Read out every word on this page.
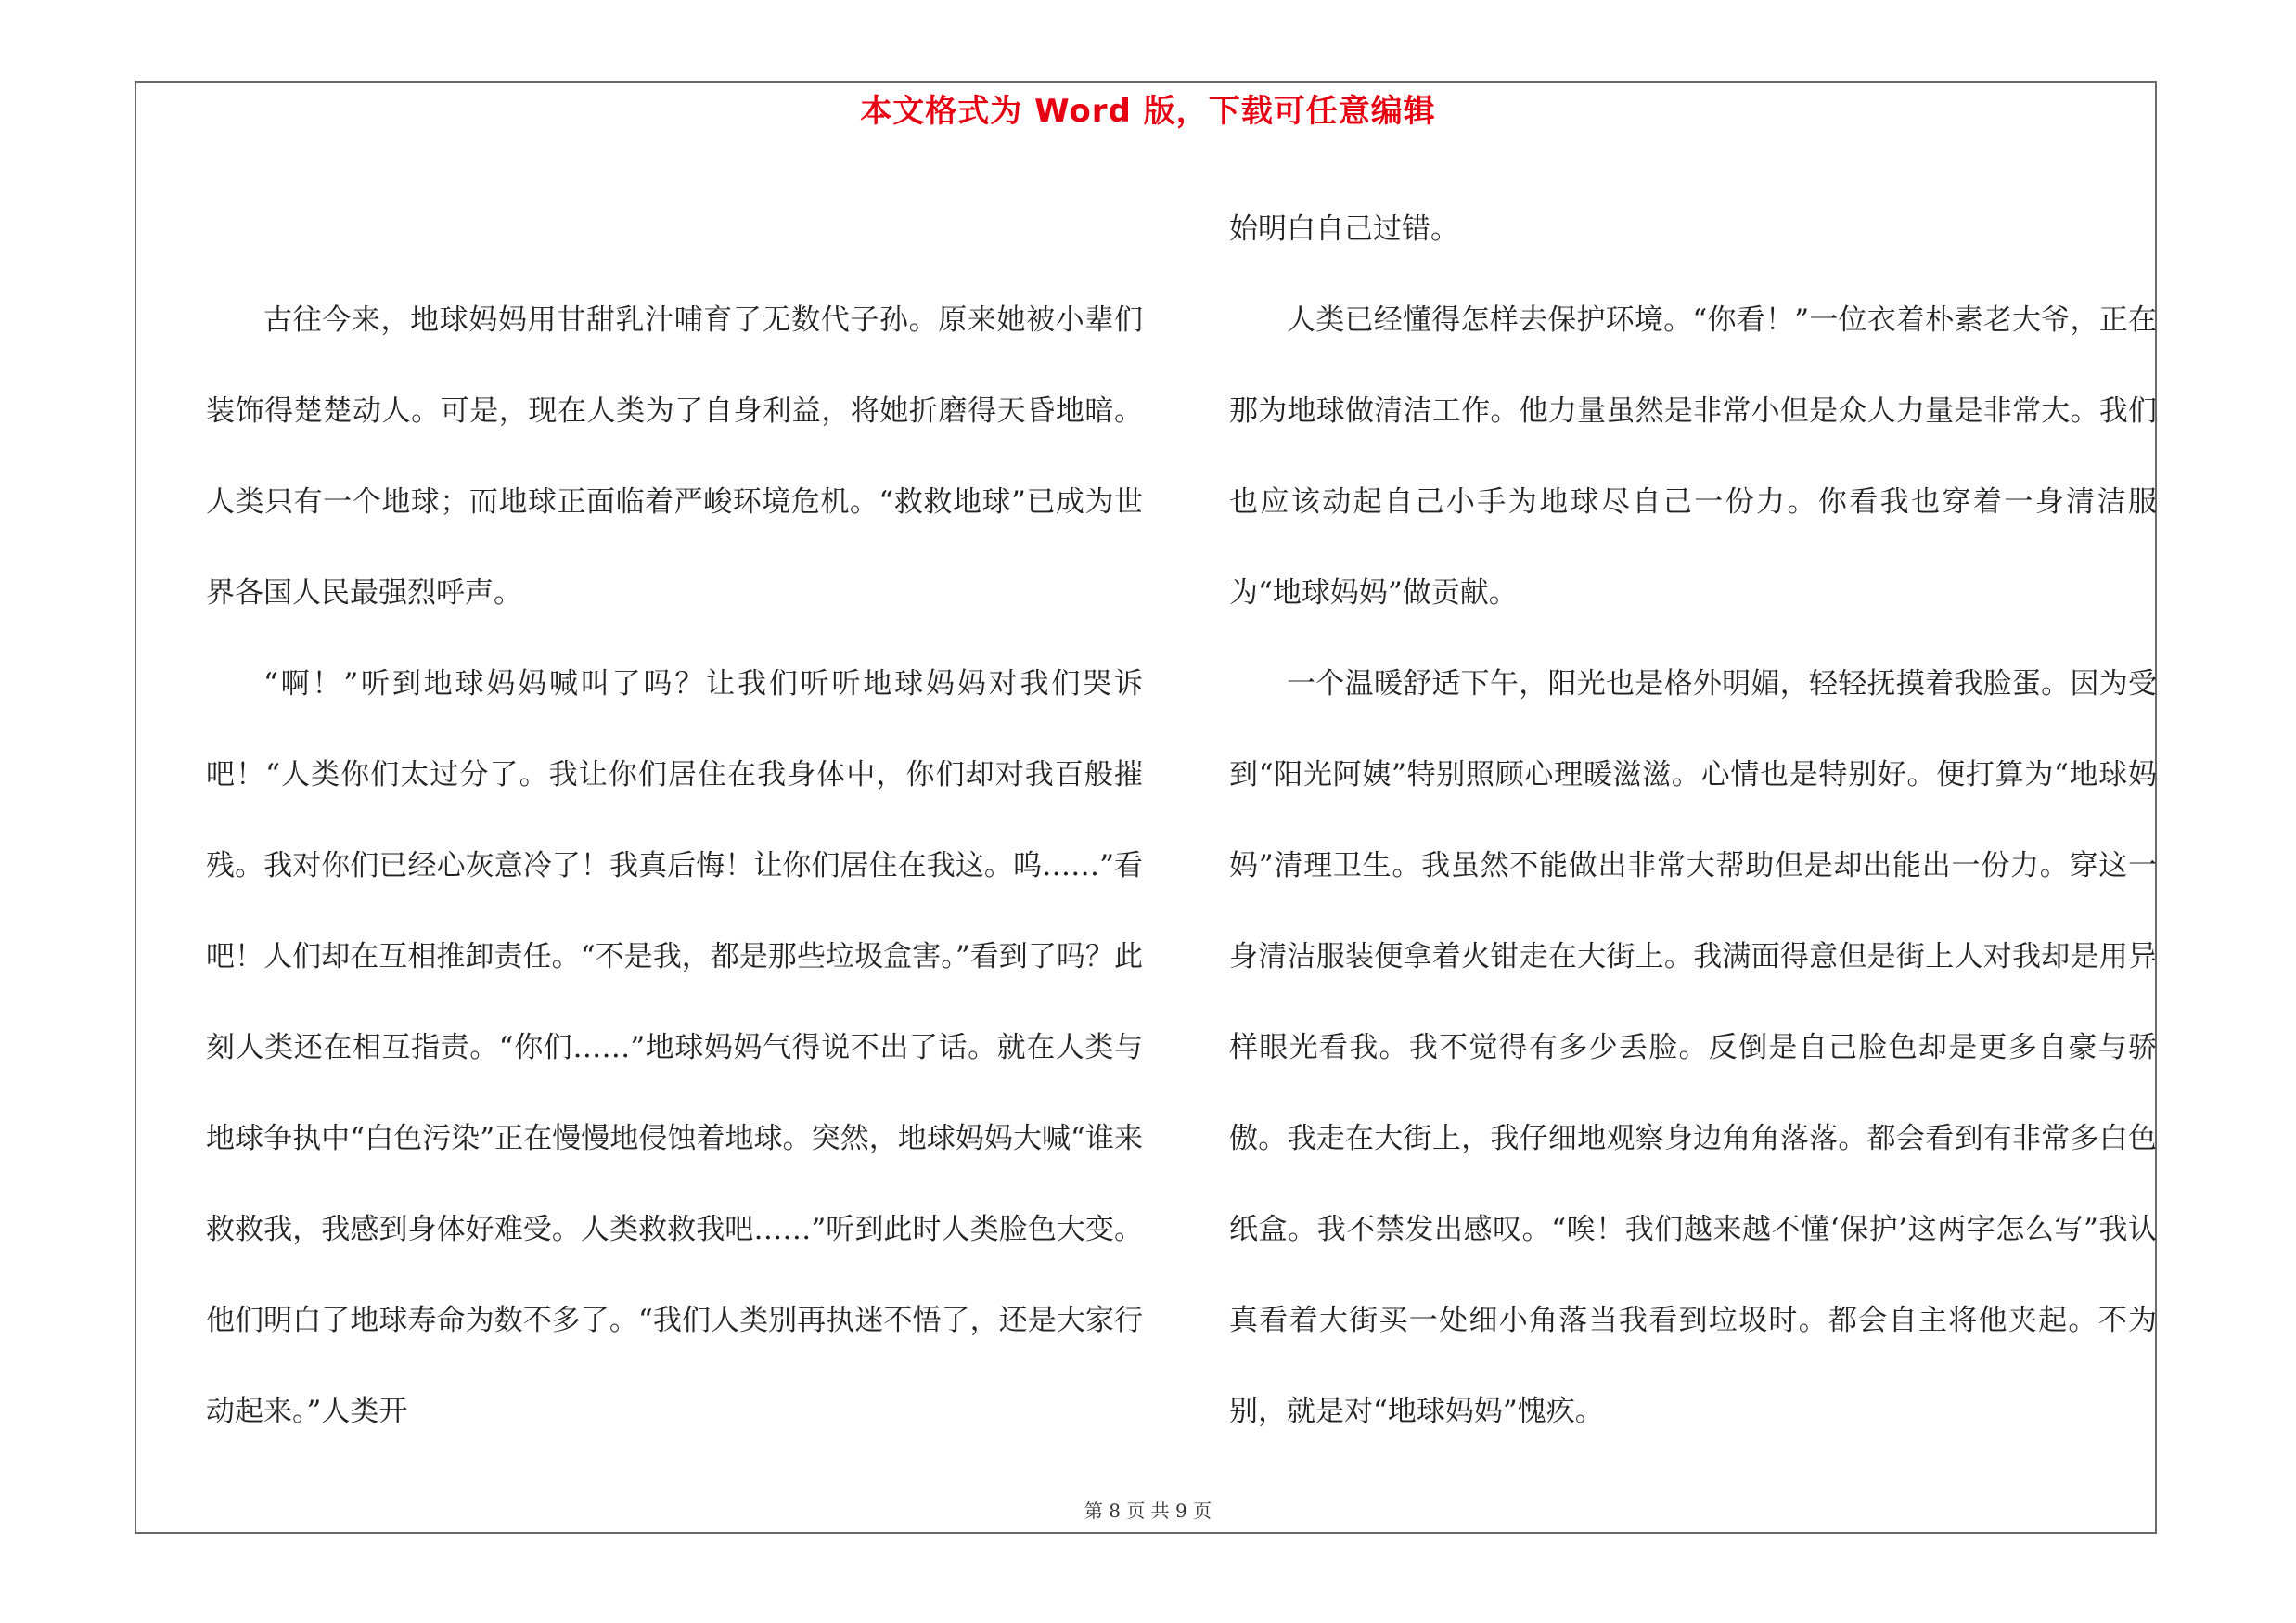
本文格式为 Word 版，下载可任意编辑

古往今来，地球妈妈用甘甜乳汁哺育了无数代子孙。原来她被小辈们装饰得楚楚动人。可是，现在人类为了自身利益，将她折磨得天昏地暗。人类只有一个地球；而地球正面临着严峻环境危机。“救救地球”已成为世界各国人民最强烈呼声。

“啊！”听到地球妈妈喊叫了吗？让我们听听地球妈妈对我们哭诉吧！“人类你们太过分了。我让你们居住在我身体中，你们却对我百般摧残。我对你们已经心灰意冷了！我真后悔！让你们居住在我这。呜……”看吧！人们却在互相推卸责任。“不是我，都是那些垃圾盒害。”看到了吗？此刻人类还在相互指责。“你们……”地球妈妈气得说不出了话。就在人类与地球争执中“白色污染”正在慢慢地侵蚀着地球。突然，地球妈妈大喊“谁来救救我，我感到身体好难受。人类救救我吧……”听到此时人类脸色大变。他们明白了地球寿命为数不多了。“我们人类别再执迷不悟了，还是大家行动起来。”人类开

始明白自己过错。

人类已经懂得怎样去保护环境。“你看！”一位衣着朴素老大爷，正在那为地球做清洁工作。他力量虽然是非常小但是众人力量是非常大。我们也应该动起自己小手为地球尽自己一份力。你看我也穿着一身清洁服为“地球妈妈”做贡献。

一个温暖舒适下午，阳光也是格外明媚，轻轻抚摸着我脸蛋。因为受到“阳光阿姨”特别照顾心理暖滋滋。心情也是特别好。便打算为“地球妈妈”清理卫生。我虽然不能做出非常大帮助但是却出能出一份力。穿这一身清洁服装便拿着火钳走在大街上。我满面得意但是街上人对我却是用异样眼光看我。我不觉得有多少丢脸。反倒是自己脸色却是更多自豪与骄傲。我走在大街上，我仔细地观察身边角角落落。都会看到有非常多白色纸盒。我不禁发出感叹。“唉！我们越来越不懂‘保护’这两字怎么写”我认真看着大街买一处细小角落当我看到垃圾时。都会自主将他夹起。不为别，就是对“地球妈妈”愧疚。

第 8 页 共 9 页
